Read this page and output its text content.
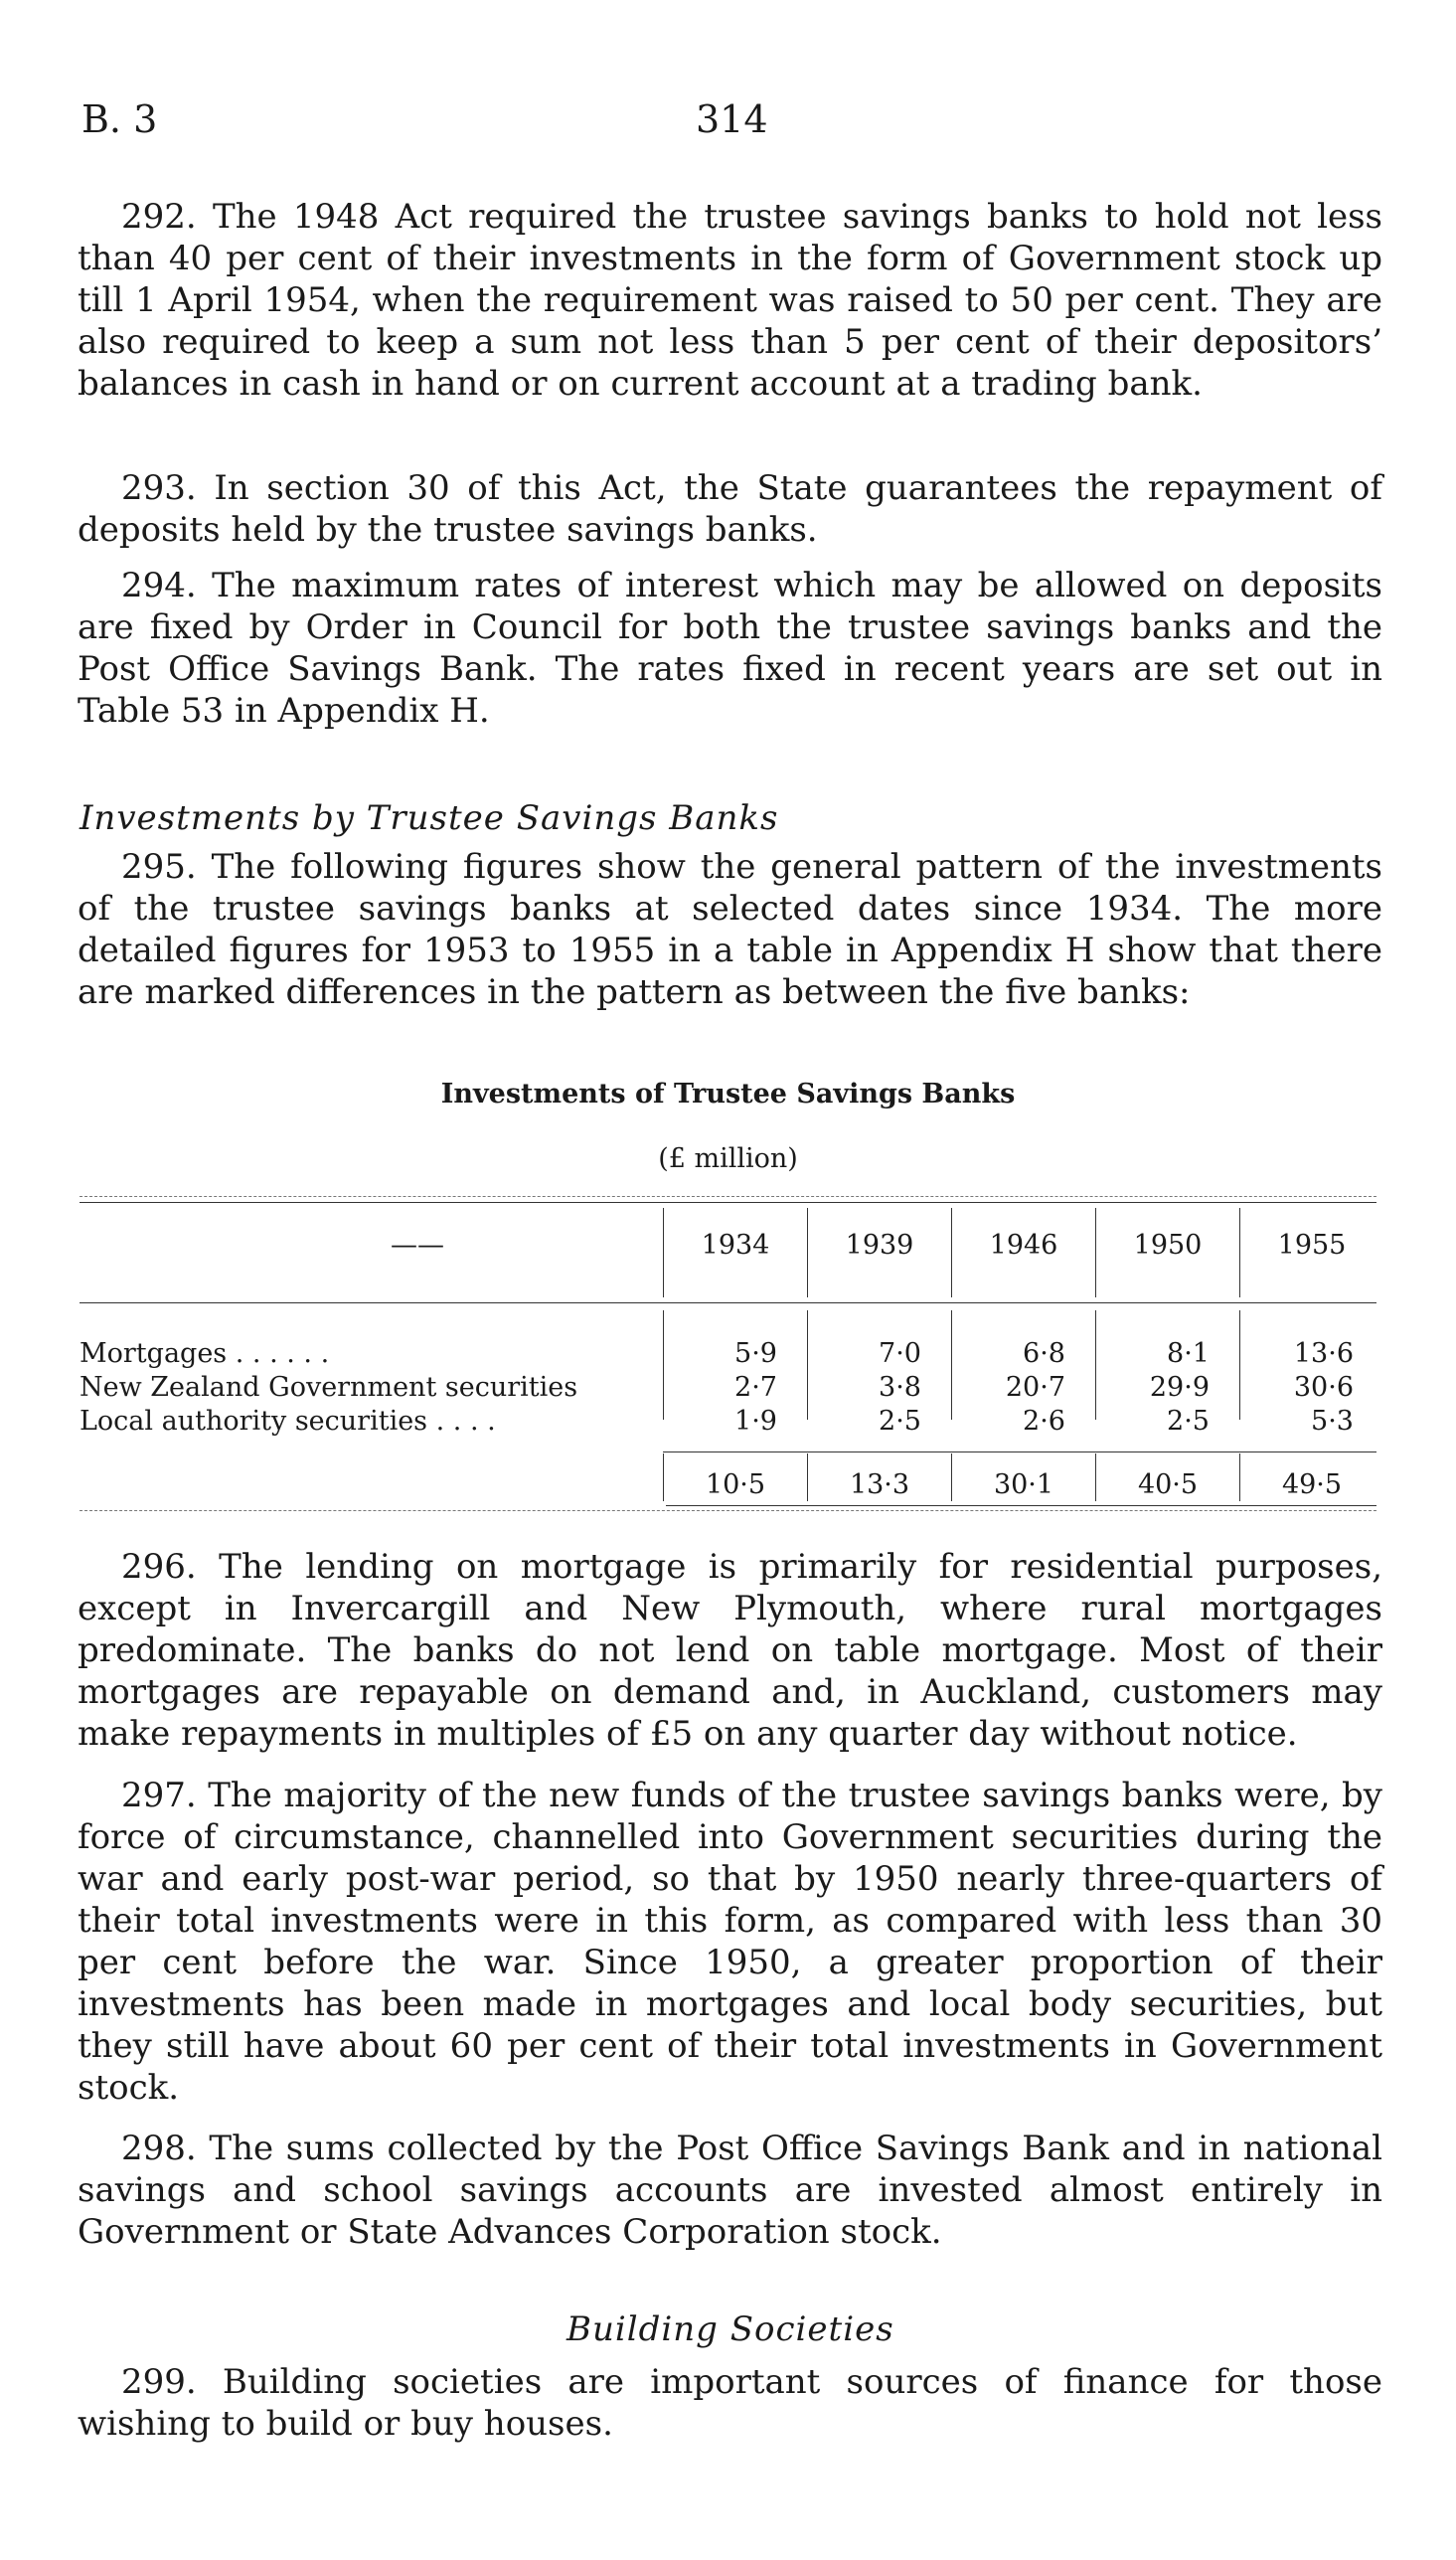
B. 3	314

292. The 1948 Act required the trustee savings banks to hold not less than 40 per cent of their investments in the form of Government stock up till 1 April 1954, when the requirement was raised to 50 per cent. They are also required to keep a sum not less than 5 per cent of their depositors’ balances in cash in hand or on current account at a trading bank.

293. In section 30 of this Act, the State guarantees the repayment of deposits held by the trustee savings banks.

294. The maximum rates of interest which may be allowed on deposits are fixed by Order in Council for both the trustee savings banks and the Post Office Savings Bank. The rates fixed in recent years are set out in Table 53 in Appendix H.

Investments by Trustee Savings Banks

295. The following figures show the general pattern of the investments of the trustee savings banks at selected dates since 1934. The more detailed figures for 1953 to 1955 in a table in Appendix H show that there are marked differences in the pattern as between the five banks:

Investments of Trustee Savings Banks
(£ million)
——	1934	1939	1946	1950	1955
Mortgages . . . . . .	5·9	7·0	6·8	8·1	13·6
New Zealand Government securities	2·7	3·8	20·7	29·9	30·6
Local authority securities . . . .	1·9	2·5	2·6	2·5	5·3
10·5	13·3	30·1	40·5	49·5

296. The lending on mortgage is primarily for residential purposes, except in Invercargill and New Plymouth, where rural mortgages predominate. The banks do not lend on table mortgage. Most of their mortgages are repayable on demand and, in Auckland, customers may make repayments in multiples of £5 on any quarter day without notice.

297. The majority of the new funds of the trustee savings banks were, by force of circumstance, channelled into Government securities during the war and early post-war period, so that by 1950 nearly three-quarters of their total investments were in this form, as compared with less than 30 per cent before the war. Since 1950, a greater proportion of their investments has been made in mortgages and local body securities, but they still have about 60 per cent of their total investments in Government stock.

298. The sums collected by the Post Office Savings Bank and in national savings and school savings accounts are invested almost entirely in Government or State Advances Corporation stock.

Building Societies

299. Building societies are important sources of finance for those wishing to build or buy houses.
